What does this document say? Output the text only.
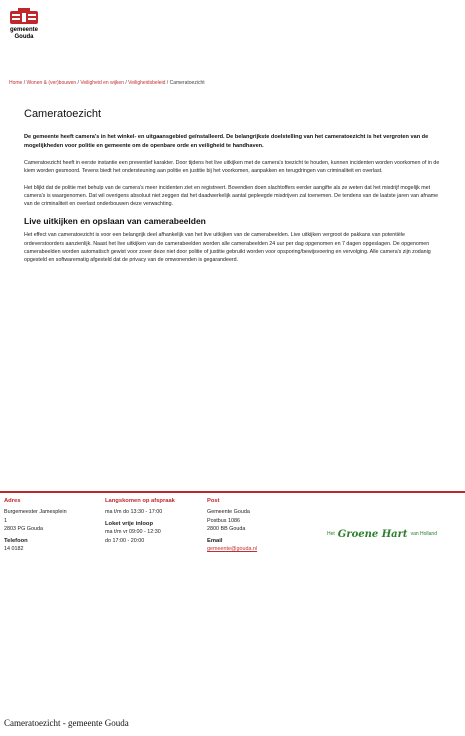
gemeente
Gouda
Home / Wonen & (ver)bouwen / Veiligheid en wijken / Veiligheidsbeleid / Cameratoezicht
Cameratoezicht
De gemeente heeft camera's in het winkel- en uitgaansgebied geïnstalleerd. De belangrijkste doelstelling van het cameratoezicht is het vergroten van de mogelijkheden voor politie en gemeente om de openbare orde en veiligheid te handhaven.

Cameratoezicht heeft in eerste instantie een preventief karakter. Door tijdens het live uitkijken met de camera's toezicht te houden, kunnen incidenten worden voorkomen of in de kiem worden gesmoord. Tevens biedt het ondersteuning aan politie en justitie bij het voorkomen, aanpakken en terugdringen van criminaliteit en overlast.

Het blijkt dat de politie met behulp van de camera's meer incidenten ziet en registreert. Bovendien doen slachtoffers eerder aangifte als ze weten dat het misdrijf mogelijk met camera's is waargenomen. Dat wil overigens absoluut niet zeggen dat het daadwerkelijk aantal gepleegde misdrijven zal toenemen. De tendens van de laatste jaren van afname van de criminaliteit en overlast onderbouwen deze verwachting.

Live uitkijken en opslaan van camerabeelden

Het effect van cameratoezicht is voor een belangrijk deel afhankelijk van het live uitkijken van de camerabeelden. Live uitkijken vergroot de pakkans van potentiële ordeverstoorders aanzienlijk. Naast het live uitkijken van de camerabeelden worden alle camerabeelden 24 uur per dag opgenomen en 7 dagen opgeslagen. De opgenomen camerabeelden worden automatisch gewist voor zover deze niet door politie of justitie gebruikt worden voor opsporing/bewijsvoering en vervolging. Alle camera's zijn zodanig opgesteld en softwarematig afgesteld dat de privacy van de omwonenden is gegarandeerd.

Adres
Burgemeester Jamesplein
1
2803 PG Gouda
Telefoon
14 0182
Langskomen op afspraak
ma t/m do 13:30 - 17:00
Loket vrije inloop
ma t/m vr 09:00 - 12:30
do 17:00 - 20:00
Post
Gemeente Gouda
Postbus 1086
2800 BB Gouda
Email
gemeente@gouda.nl
Het Groene Hart van Holland
Cameratoezicht - gemeente Gouda
